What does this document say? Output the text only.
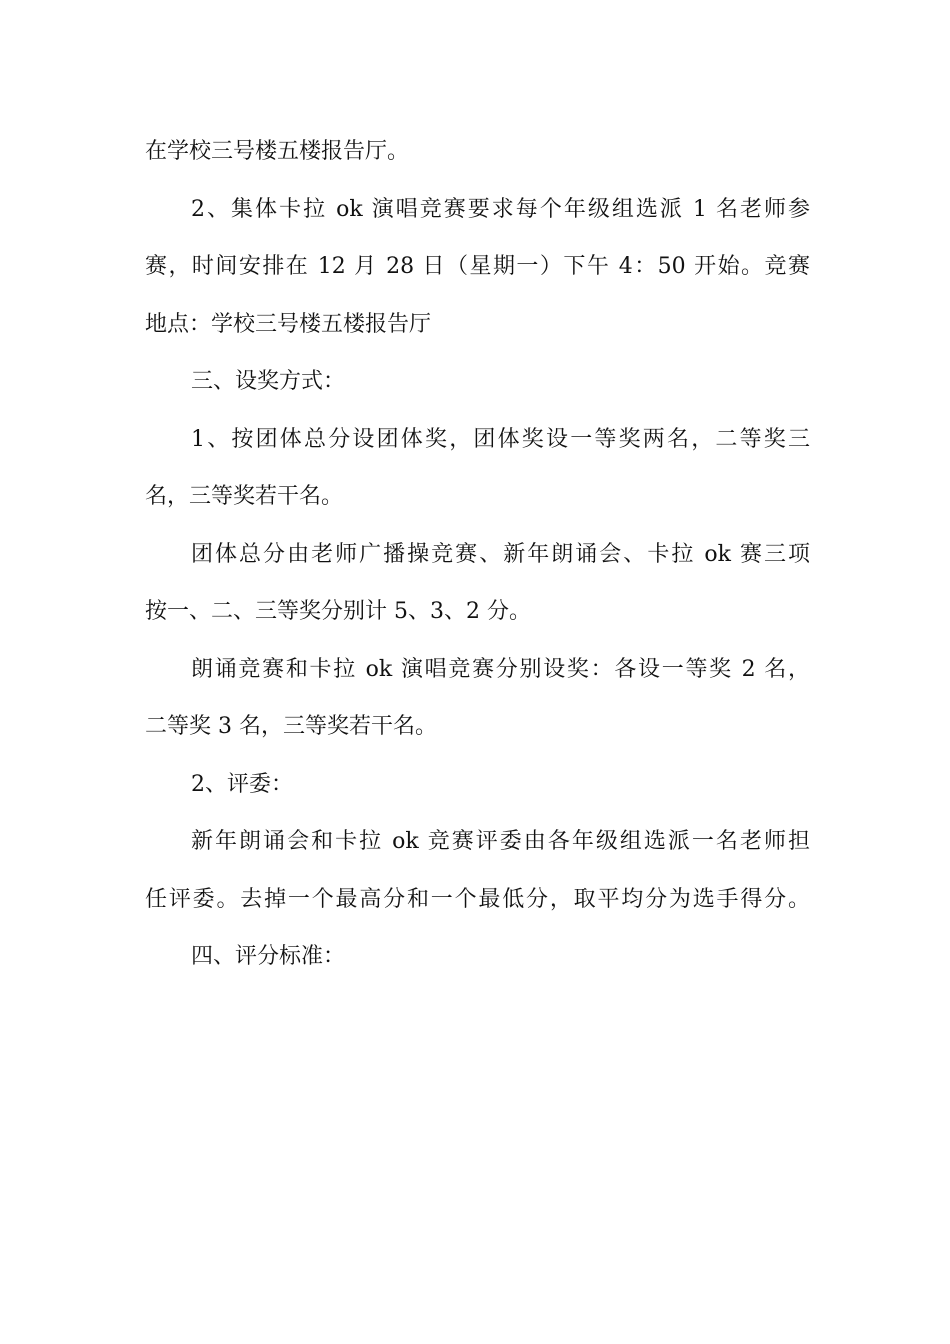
在学校三号楼五楼报告厅。
2、集体卡拉 ok 演唱竞赛要求每个年级组选派 1 名老师参
赛，时间安排在 12 月 28 日（星期一）下午 4：50 开始。竞赛
地点：学校三号楼五楼报告厅
三、设奖方式：
1、按团体总分设团体奖，团体奖设一等奖两名，二等奖三
名，三等奖若干名。
团体总分由老师广播操竞赛、新年朗诵会、卡拉 ok 赛三项
按一、二、三等奖分别计 5、3、2 分。
朗诵竞赛和卡拉 ok 演唱竞赛分别设奖：各设一等奖 2 名，
二等奖 3 名，三等奖若干名。
2、评委：
新年朗诵会和卡拉 ok 竞赛评委由各年级组选派一名老师担
任评委。去掉一个最高分和一个最低分，取平均分为选手得分。
四、评分标准：
